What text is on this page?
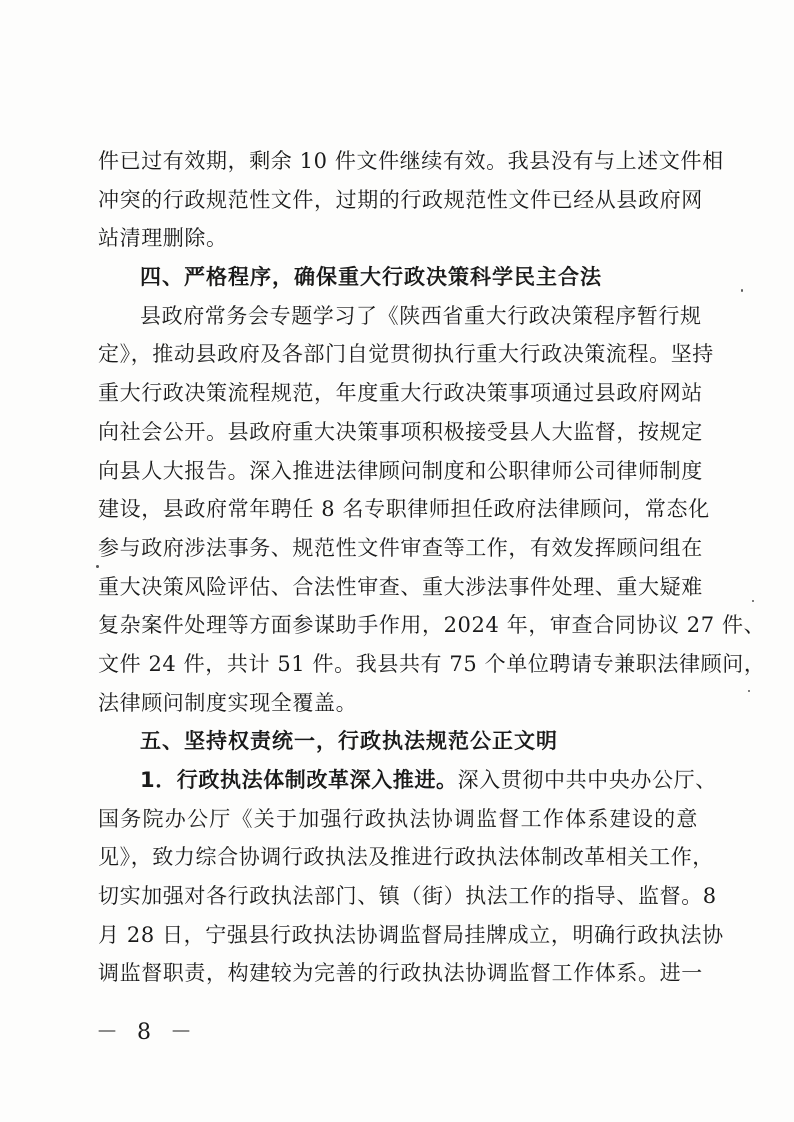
件已过有效期，剩余 10 件文件继续有效。我县没有与上述文件相
冲突的行政规范性文件，过期的行政规范性文件已经从县政府网
站清理删除。
四、严格程序，确保重大行政决策科学民主合法
县政府常务会专题学习了《陕西省重大行政决策程序暂行规
定》，推动县政府及各部门自觉贯彻执行重大行政决策流程。坚持
重大行政决策流程规范，年度重大行政决策事项通过县政府网站
向社会公开。县政府重大决策事项积极接受县人大监督，按规定
向县人大报告。深入推进法律顾问制度和公职律师公司律师制度
建设，县政府常年聘任 8 名专职律师担任政府法律顾问，常态化
参与政府涉法事务、规范性文件审查等工作，有效发挥顾问组在
重大决策风险评估、合法性审查、重大涉法事件处理、重大疑难
复杂案件处理等方面参谋助手作用，2024 年，审查合同协议 27 件、
文件 24 件，共计 51 件。我县共有 75 个单位聘请专兼职法律顾问，
法律顾问制度实现全覆盖。
五、坚持权责统一，行政执法规范公正文明
1．行政执法体制改革深入推进。深入贯彻中共中央办公厅、
国务院办公厅《关于加强行政执法协调监督工作体系建设的意
见》，致力综合协调行政执法及推进行政执法体制改革相关工作，
切实加强对各行政执法部门、镇（街）执法工作的指导、监督。8
月 28 日，宁强县行政执法协调监督局挂牌成立，明确行政执法协
调监督职责，构建较为完善的行政执法协调监督工作体系。进一
－ 8 －
